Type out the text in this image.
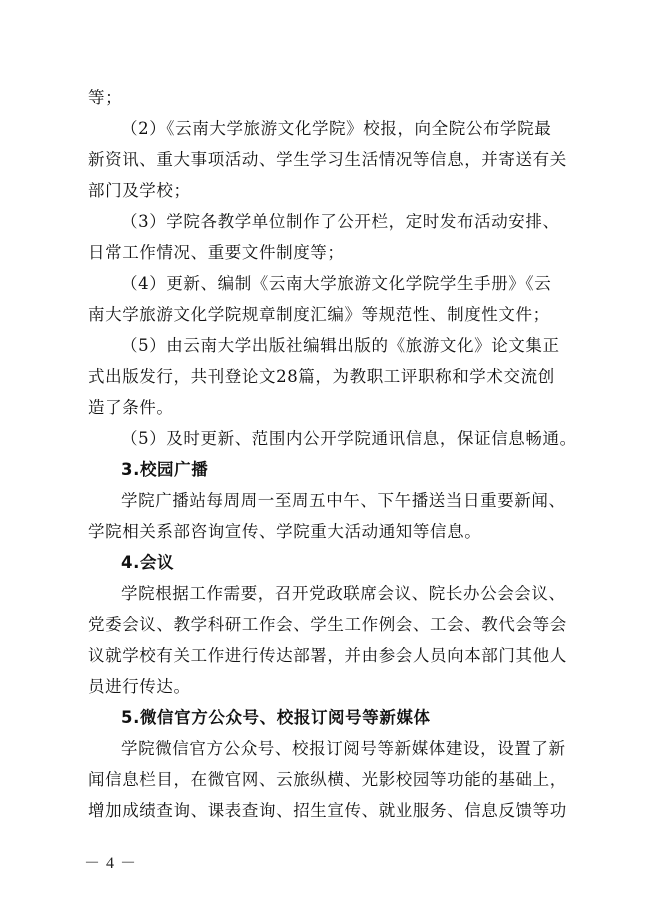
等；
（2）《云南大学旅游文化学院》校报，向全院公布学院最
新资讯、重大事项活动、学生学习生活情况等信息，并寄送有关
部门及学校；
（3）学院各教学单位制作了公开栏，定时发布活动安排、
日常工作情况、重要文件制度等；
（4）更新、编制《云南大学旅游文化学院学生手册》《云
南大学旅游文化学院规章制度汇编》等规范性、制度性文件；
（5）由云南大学出版社编辑出版的《旅游文化》论文集正
式出版发行，共刊登论文28篇，为教职工评职称和学术交流创
造了条件。
（5）及时更新、范围内公开学院通讯信息，保证信息畅通。
3.校园广播
学院广播站每周周一至周五中午、下午播送当日重要新闻、
学院相关系部咨询宣传、学院重大活动通知等信息。
4.会议
学院根据工作需要，召开党政联席会议、院长办公会会议、
党委会议、教学科研工作会、学生工作例会、工会、教代会等会
议就学校有关工作进行传达部署，并由参会人员向本部门其他人
员进行传达。
5.微信官方公众号、校报订阅号等新媒体
学院微信官方公众号、校报订阅号等新媒体建设，设置了新
闻信息栏目，在微官网、云旅纵横、光影校园等功能的基础上，
增加成绩查询、课表查询、招生宣传、就业服务、信息反馈等功
－ 4 －
